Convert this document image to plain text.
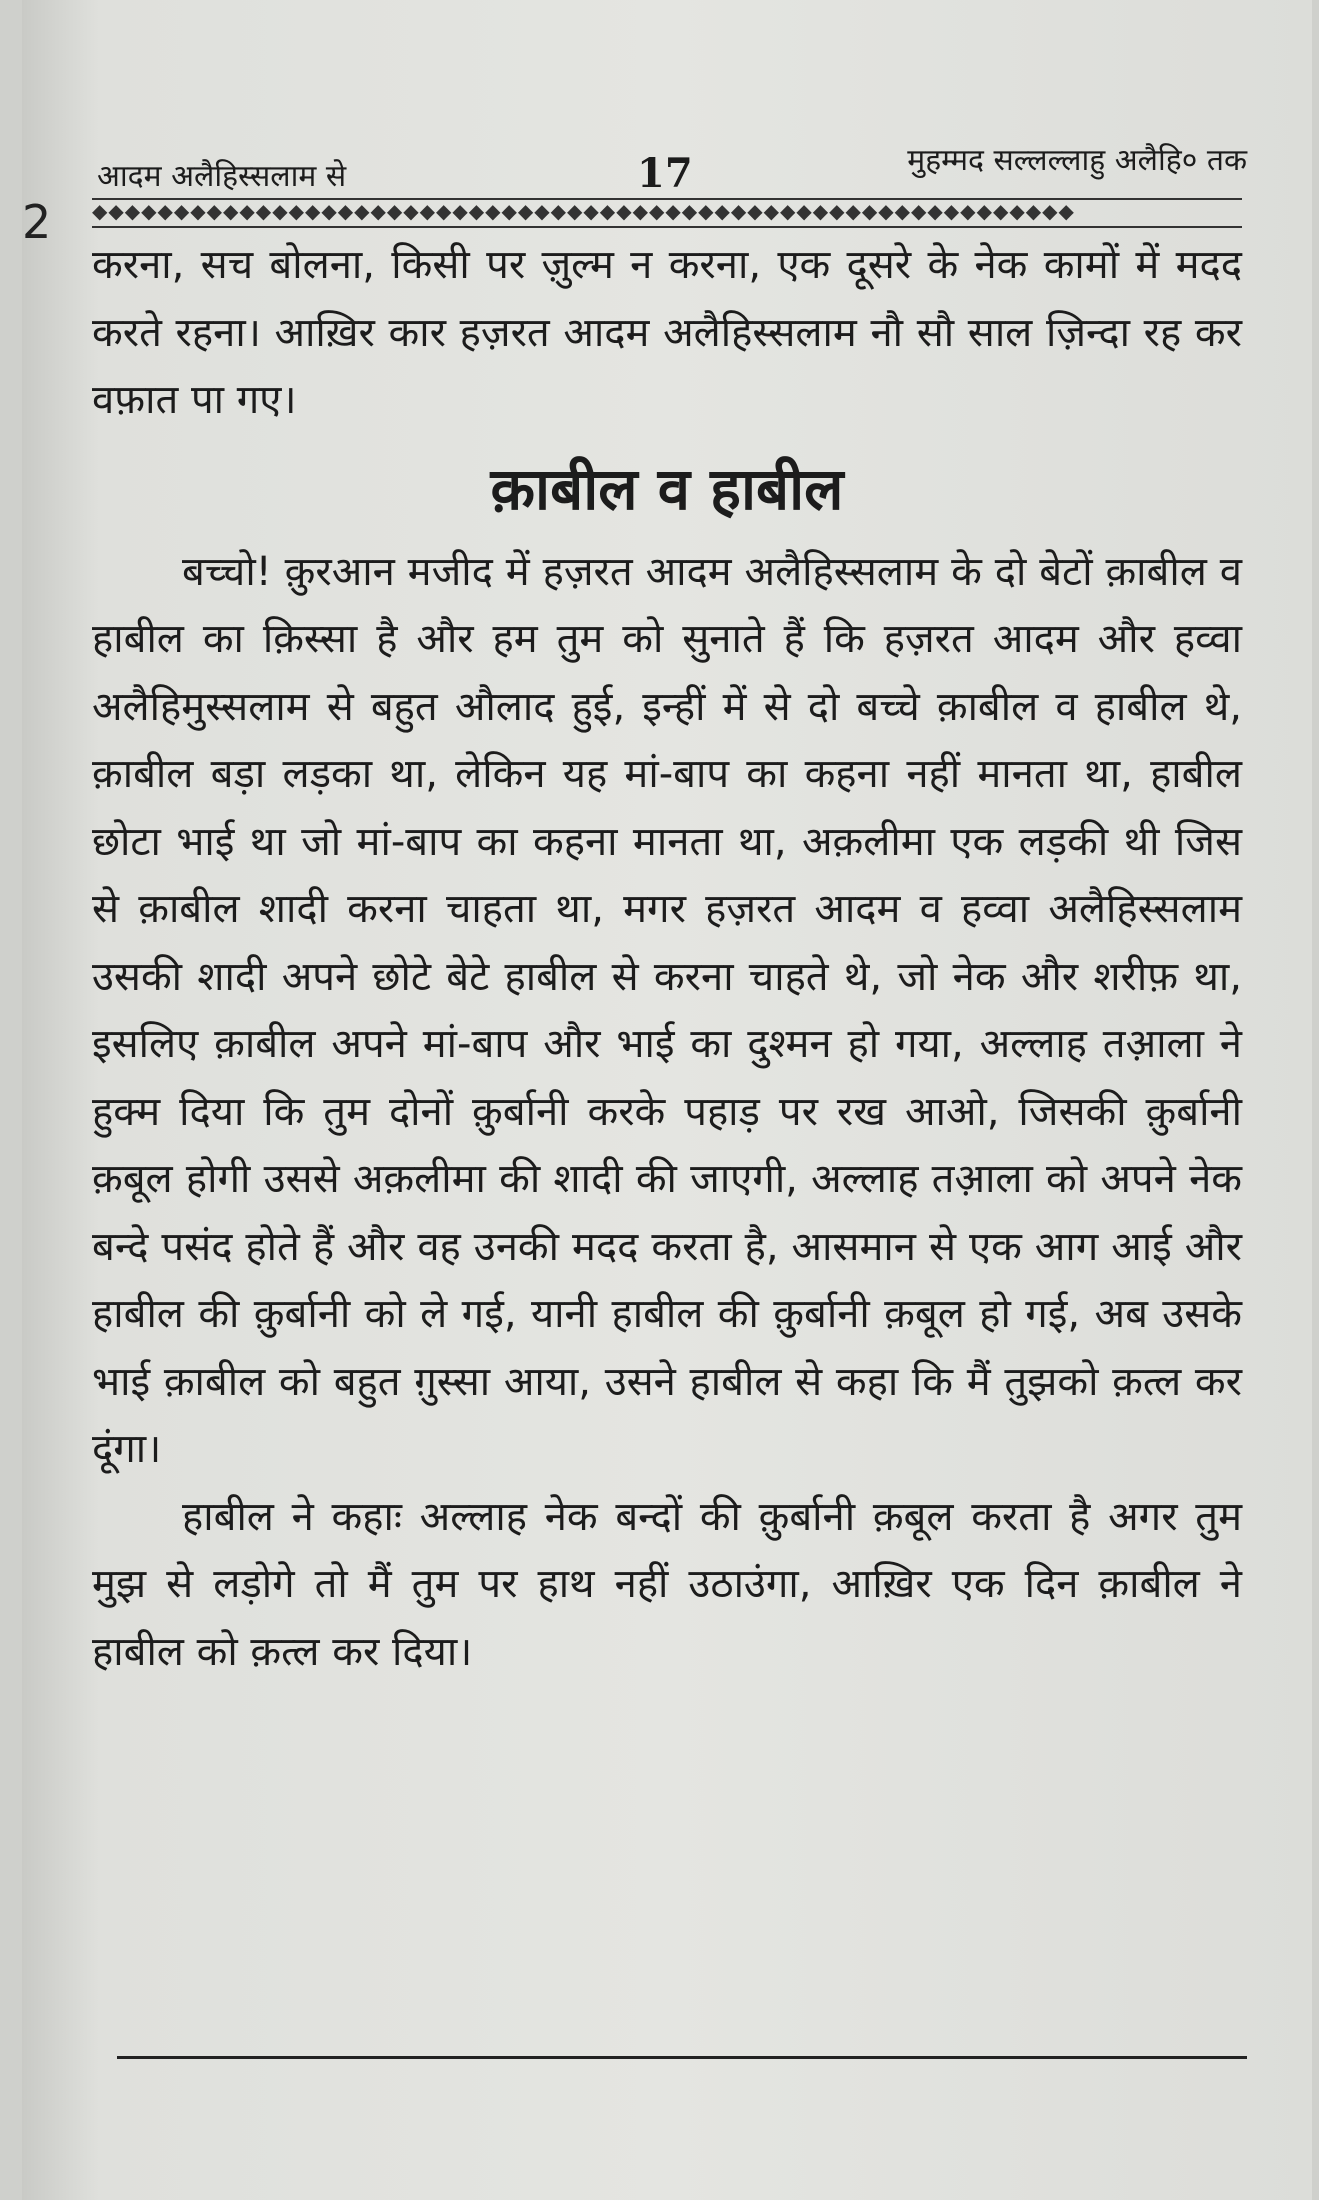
2
आदम अलैहिस्सलाम से	17	मुहम्मद सल्लल्लाहु अलैहि० तक
◆◆◆◆◆◆◆◆◆◆◆◆◆◆◆◆◆◆◆◆◆◆◆◆◆◆◆◆◆◆◆◆◆◆◆◆◆◆◆◆◆◆◆◆◆◆◆◆◆◆◆◆◆◆◆◆◆◆◆◆

करना, सच बोलना, किसी पर ज़ुल्म न करना, एक दूसरे के नेक कामों में मदद करते रहना। आख़िर कार हज़रत आदम अलैहिस्सलाम नौ सौ साल ज़िन्दा रह कर वफ़ात पा गए।

क़ाबील व हाबील

बच्चो! क़ुरआन मजीद में हज़रत आदम अलैहिस्सलाम के दो बेटों क़ाबील व हाबील का क़िस्सा है और हम तुम को सुनाते हैं कि हज़रत आदम और हव्वा अलैहिमुस्सलाम से बहुत औलाद हुई, इन्हीं में से दो बच्चे क़ाबील व हाबील थे, क़ाबील बड़ा लड़का था, लेकिन यह मां-बाप का कहना नहीं मानता था, हाबील छोटा भाई था जो मां-बाप का कहना मानता था, अक़लीमा एक लड़की थी जिस से क़ाबील शादी करना चाहता था, मगर हज़रत आदम व हव्वा अलैहिस्सलाम उसकी शादी अपने छोटे बेटे हाबील से करना चाहते थे, जो नेक और शरीफ़ था, इसलिए क़ाबील अपने मां-बाप और भाई का दुश्मन हो गया, अल्लाह तआ़ला ने हुक्म दिया कि तुम दोनों क़ुर्बानी करके पहाड़ पर रख आओ, जिसकी क़ुर्बानी क़बूल होगी उससे अक़लीमा की शादी की जाएगी, अल्लाह तआ़ला को अपने नेक बन्दे पसंद होते हैं और वह उनकी मदद करता है, आसमान से एक आग आई और हाबील की क़ुर्बानी को ले गई, यानी हाबील की क़ुर्बानी क़बूल हो गई, अब उसके भाई क़ाबील को बहुत ग़ुस्सा आया, उसने हाबील से कहा कि मैं तुझको क़त्ल कर दूंगा।

हाबील ने कहाः अल्लाह नेक बन्दों की क़ुर्बानी क़बूल करता है अगर तुम मुझ से लड़ोगे तो मैं तुम पर हाथ नहीं उठाउंगा, आख़िर एक दिन क़ाबील ने हाबील को क़त्ल कर दिया।
